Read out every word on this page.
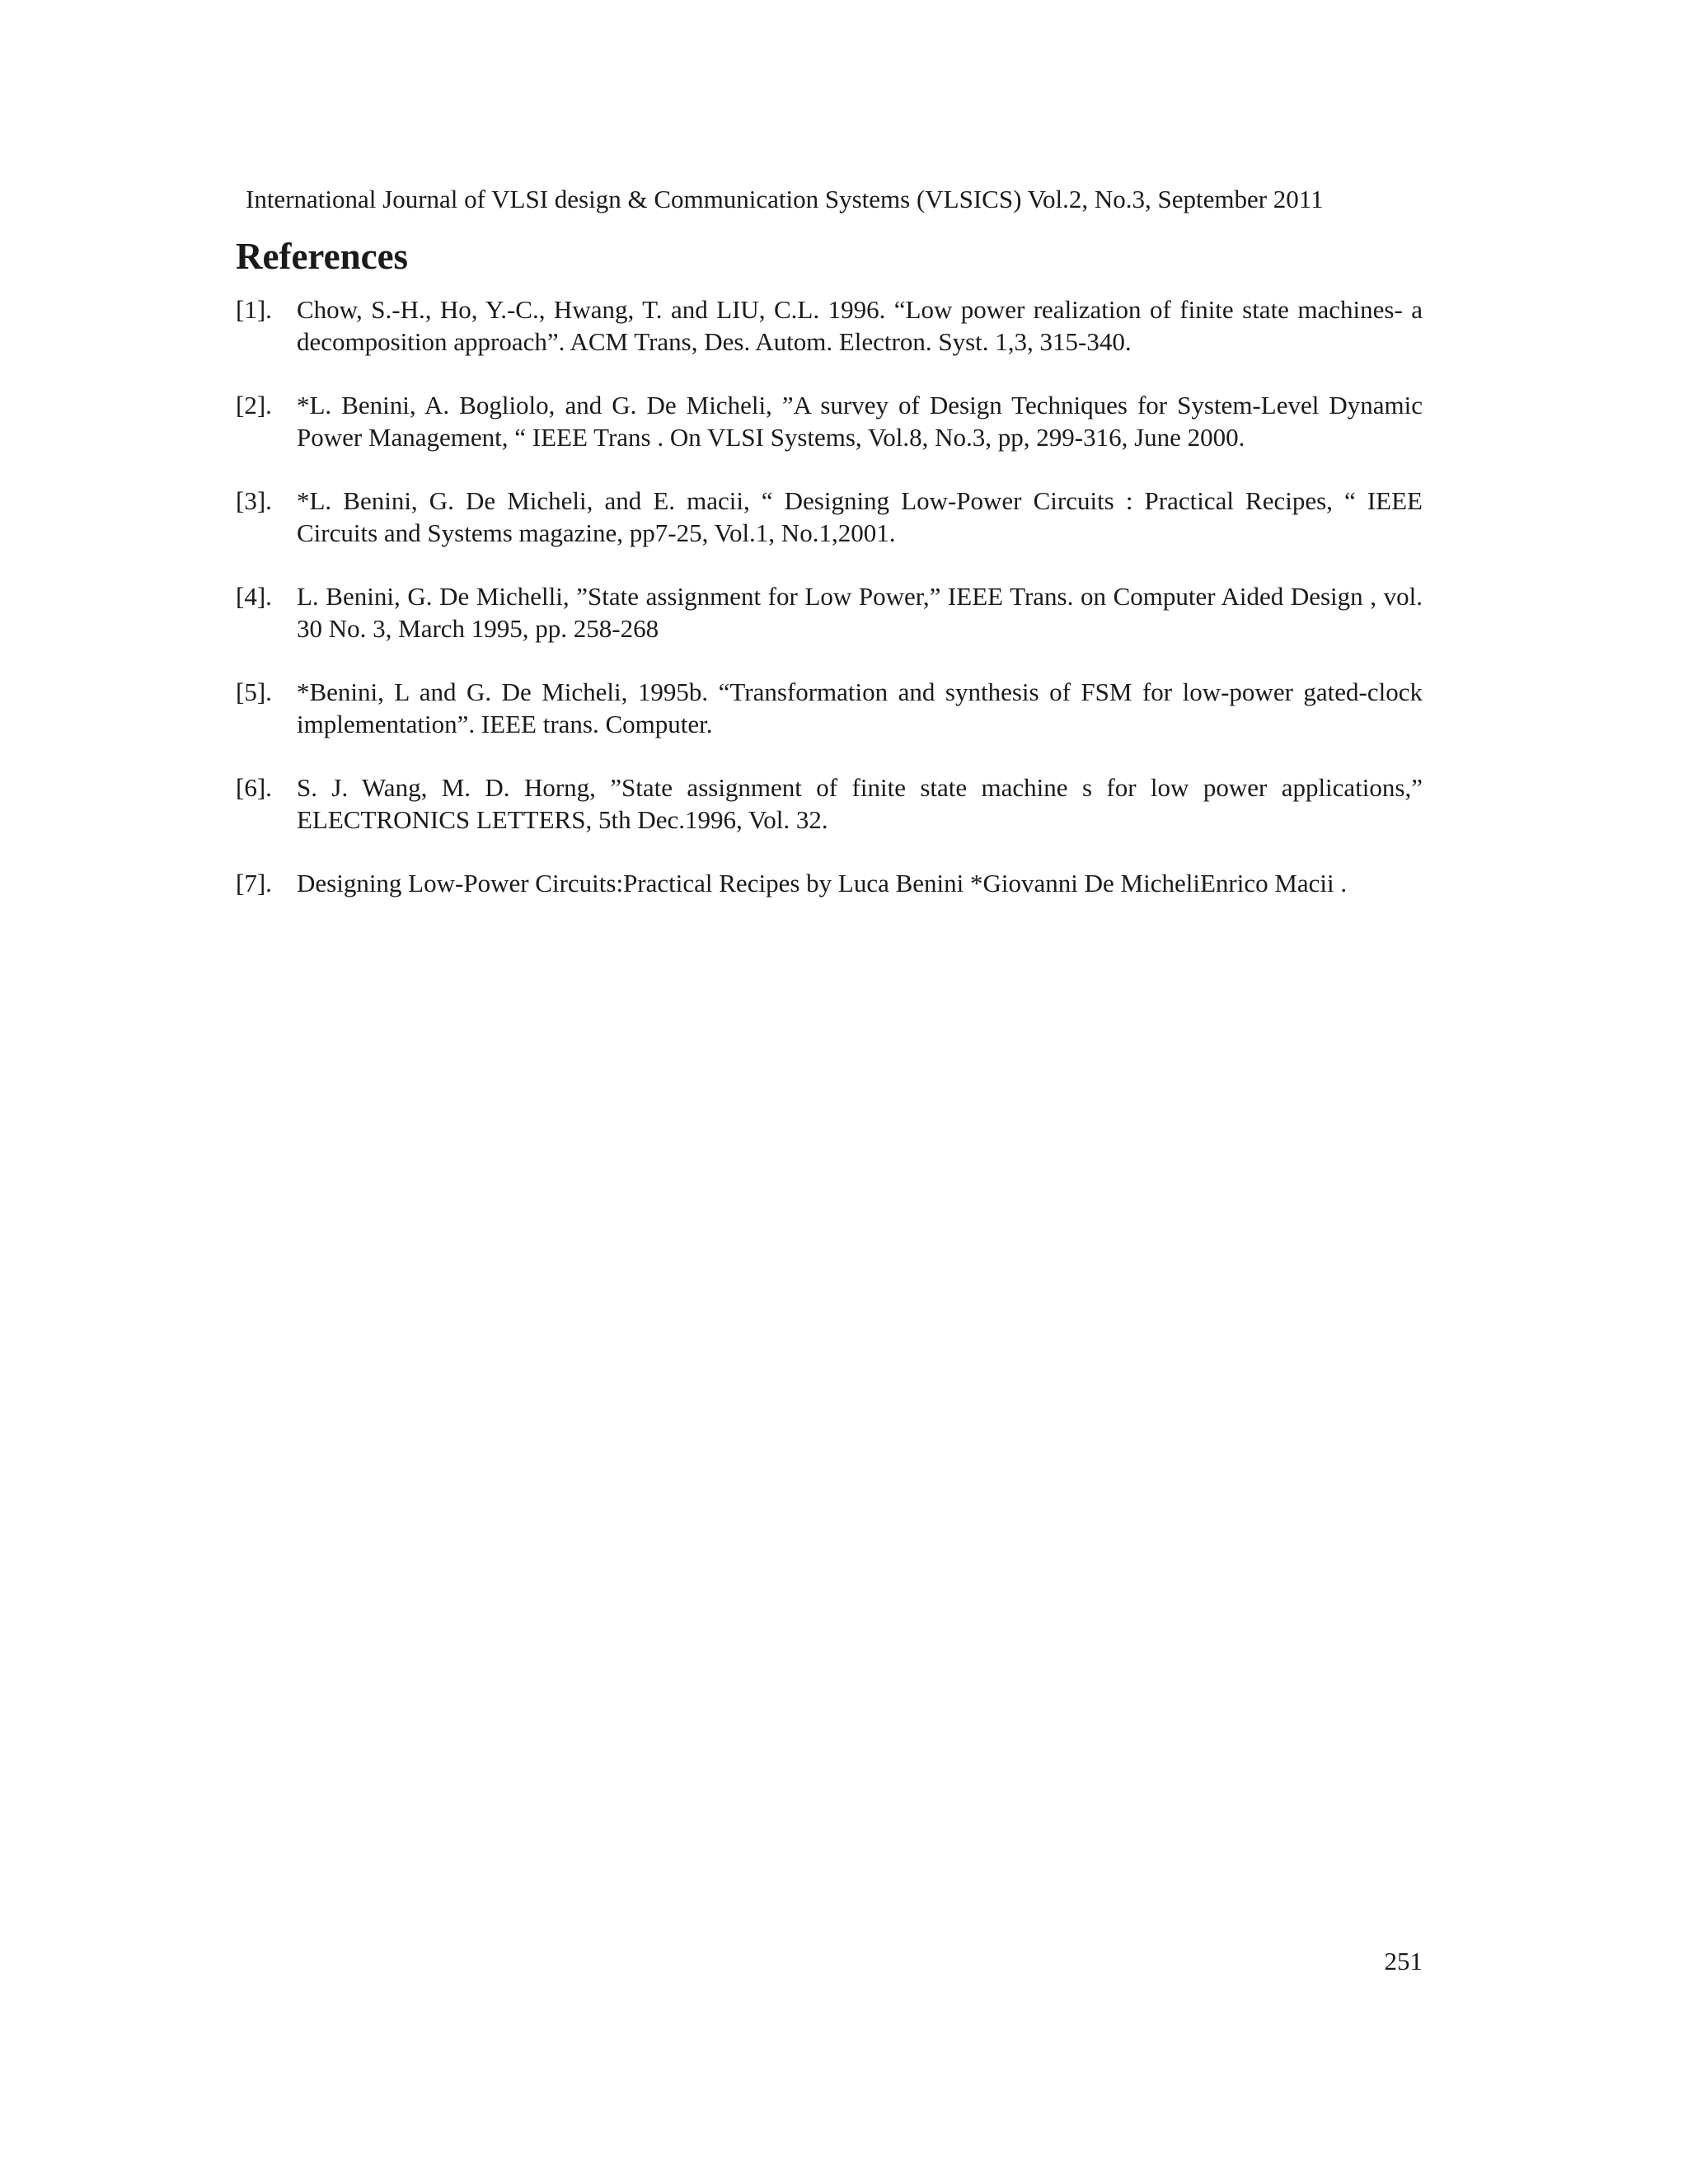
International Journal of VLSI design & Communication Systems (VLSICS) Vol.2, No.3, September 2011
References
[1]. Chow, S.-H., Ho, Y.-C., Hwang, T. and LIU, C.L. 1996. “Low power realization of finite state machines- a decomposition approach”. ACM Trans, Des. Autom. Electron. Syst. 1,3, 315-340.
[2]. *L. Benini, A. Bogliolo, and G. De Micheli, ”A survey of Design Techniques for System-Level Dynamic Power Management, “ IEEE Trans . On VLSI Systems, Vol.8, No.3, pp, 299-316, June 2000.
[3]. *L. Benini, G. De Micheli, and E. macii, “ Designing Low-Power Circuits : Practical Recipes, “ IEEE Circuits and Systems magazine, pp7-25, Vol.1, No.1,2001.
[4]. L. Benini, G. De Michelli, ”State assignment for Low Power,” IEEE Trans. on Computer Aided Design , vol. 30 No. 3, March 1995, pp. 258-268
[5]. *Benini, L and G. De Micheli, 1995b. “Transformation and synthesis of FSM for low-power gated-clock implementation”. IEEE trans. Computer.
[6]. S. J. Wang, M. D. Horng, ”State assignment of finite state machine s for low power applications,” ELECTRONICS LETTERS, 5th Dec.1996, Vol. 32.
[7]. Designing Low-Power Circuits:Practical Recipes by Luca Benini *Giovanni De MicheliEnrico Macii .
251
